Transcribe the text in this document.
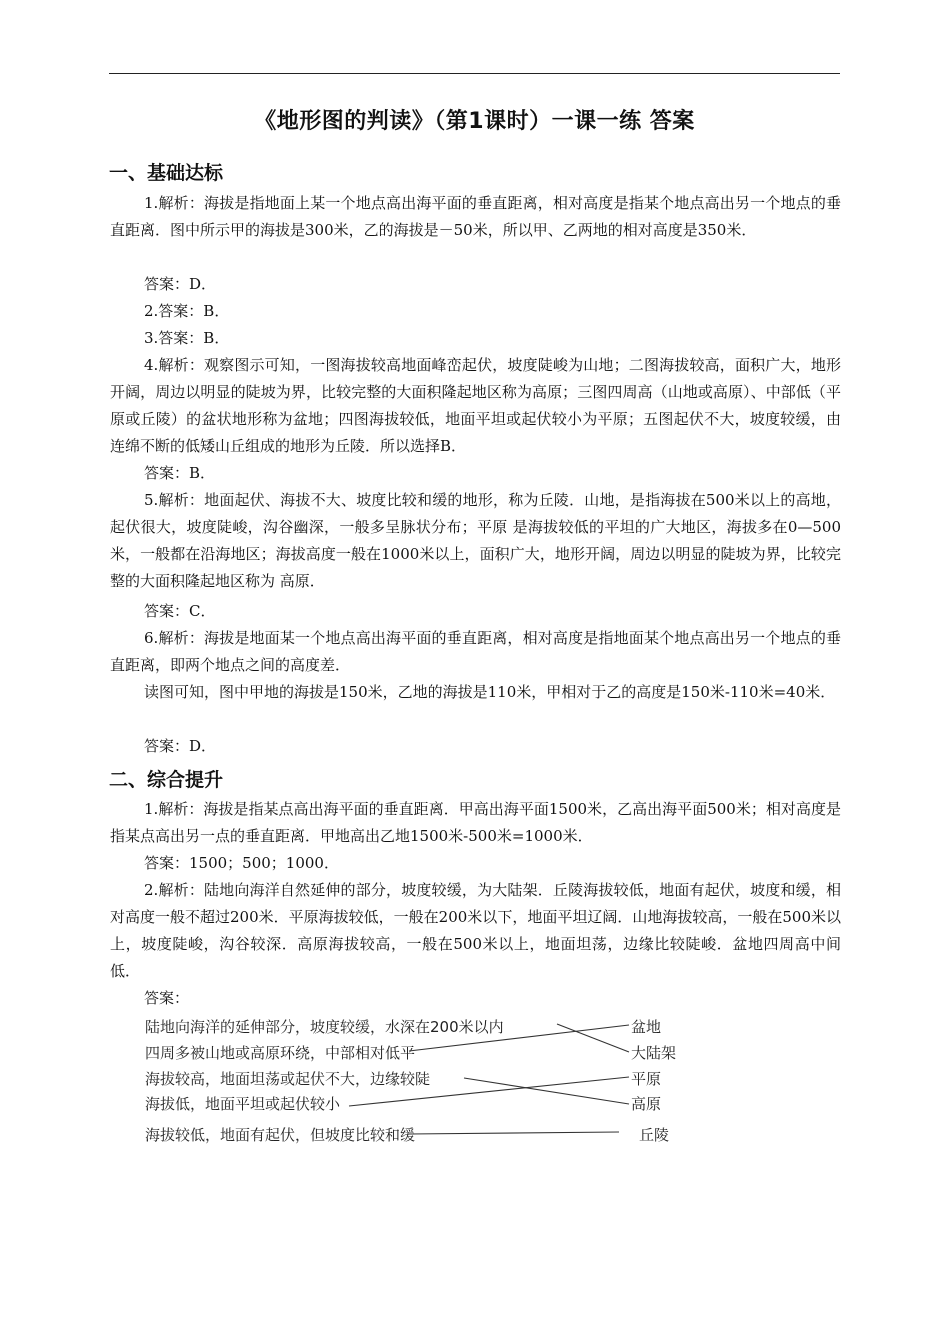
《地形图的判读》（第1课时）一课一练 答案
一、基础达标

1.解析：海拔是指地面上某一个地点高出海平面的垂直距离，相对高度是指某个地点高出另一个地点的垂直距离．图中所示甲的海拔是300米，乙的海拔是－50米，所以甲、乙两地的相对高度是350米．

答案：D．

2.答案：B．

3.答案：B．

4.解析：观察图示可知，一图海拔较高地面峰峦起伏，坡度陡峻为山地；二图海拔较高，面积广大，地形开阔，周边以明显的陡坡为界，比较完整的大面积隆起地区称为高原；三图四周高（山地或高原）、中部低（平原或丘陵）的盆状地形称为盆地；四图海拔较低，地面平坦或起伏较小为平原；五图起伏不大，坡度较缓，由连绵不断的低矮山丘组成的地形为丘陵．所以选择B．

答案：B．

5.解析：地面起伏、海拔不大、坡度比较和缓的地形，称为丘陵．山地，是指海拔在500米以上的高地，起伏很大，坡度陡峻，沟谷幽深，一般多呈脉状分布；平原 是海拔较低的平坦的广大地区，海拔多在0—500米，一般都在沿海地区；海拔高度一般在1000米以上，面积广大，地形开阔，周边以明显的陡坡为界，比较完整的大面积隆起地区称为 高原．

答案：C．

6.解析：海拔是地面某一个地点高出海平面的垂直距离，相对高度是指地面某个地点高出另一个地点的垂直距离，即两个地点之间的高度差．

读图可知，图中甲地的海拔是150米，乙地的海拔是110米，甲相对于乙的高度是150米-110米=40米．

答案：D．

二、综合提升

1.解析：海拔是指某点高出海平面的垂直距离．甲高出海平面1500米，乙高出海平面500米；相对高度是指某点高出另一点的垂直距离．甲地高出乙地1500米-500米=1000米．

答案：1500；500；1000．

2.解析：陆地向海洋自然延伸的部分，坡度较缓，为大陆架．丘陵海拔较低，地面有起伏，坡度和缓，相对高度一般不超过200米．平原海拔较低，一般在200米以下，地面平坦辽阔．山地海拔较高，一般在500米以上，坡度陡峻，沟谷较深．高原海拔较高，一般在500米以上，地面坦荡，边缘比较陡峻．盆地四周高中间低．

答案：

陆地向海洋的延伸部分，坡度较缓，水深在200米以内
四周多被山地或高原环绕，中部相对低平
海拔较高，地面坦荡或起伏不大，边缘较陡
海拔低，地面平坦或起伏较小
海拔较低，地面有起伏，但坡度比较和缓
盆地
大陆架
平原
高原
丘陵
